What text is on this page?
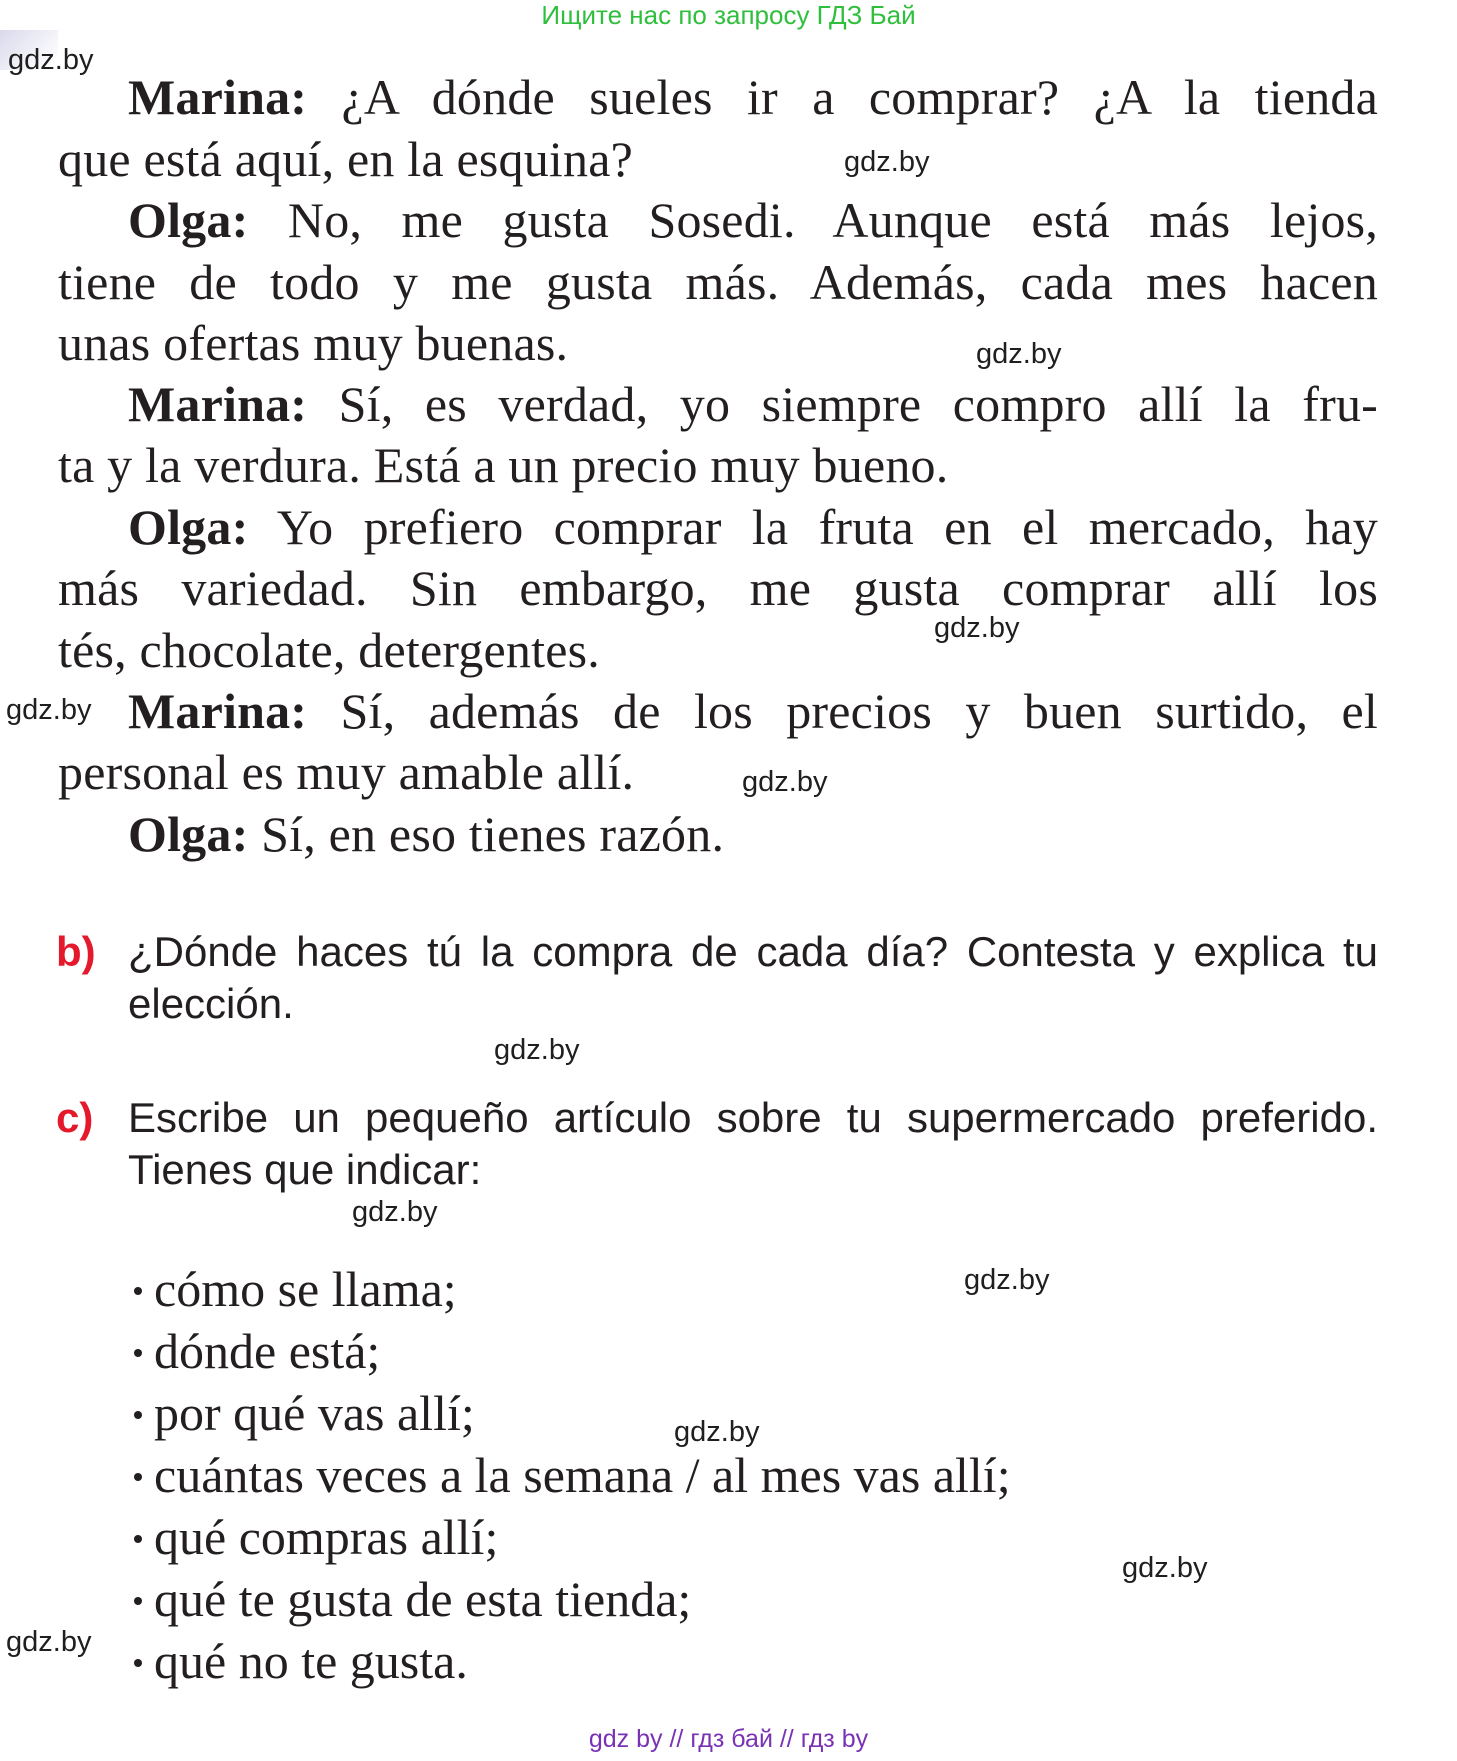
Ищите нас по запросу ГДЗ Бай
gdz.by
gdz.by
gdz.by
gdz.by
gdz.by
gdz.by
gdz.by
gdz.by
gdz.by
gdz.by
gdz.by
gdz.by
Marina: ¿A dónde sueles ir a comprar? ¿A la tienda
que está aquí, en la esquina?
Olga: No, me gusta Sosedi. Aunque está más lejos,
tiene de todo y me gusta más. Además, cada mes hacen
unas ofertas muy buenas.
Marina: Sí, es verdad, yo siempre compro allí la fru-
ta y la verdura. Está a un precio muy bueno.
Olga: Yo prefiero comprar la fruta en el mercado, hay
más variedad. Sin embargo, me gusta comprar allí los
tés, chocolate, detergentes.
Marina: Sí, además de los precios y buen surtido, el
personal es muy amable allí.
Olga: Sí, en eso tienes razón.
b) ¿Dónde haces tú la compra de cada día? Contesta y explica tu
elección.
c) Escribe un pequeño artículo sobre tu supermercado preferido.
Tienes que indicar:
cómo se llama;
dónde está;
por qué vas allí;
cuántas veces a la semana / al mes vas allí;
qué compras allí;
qué te gusta de esta tienda;
qué no te gusta.
gdz by // гдз бай // гдз by
